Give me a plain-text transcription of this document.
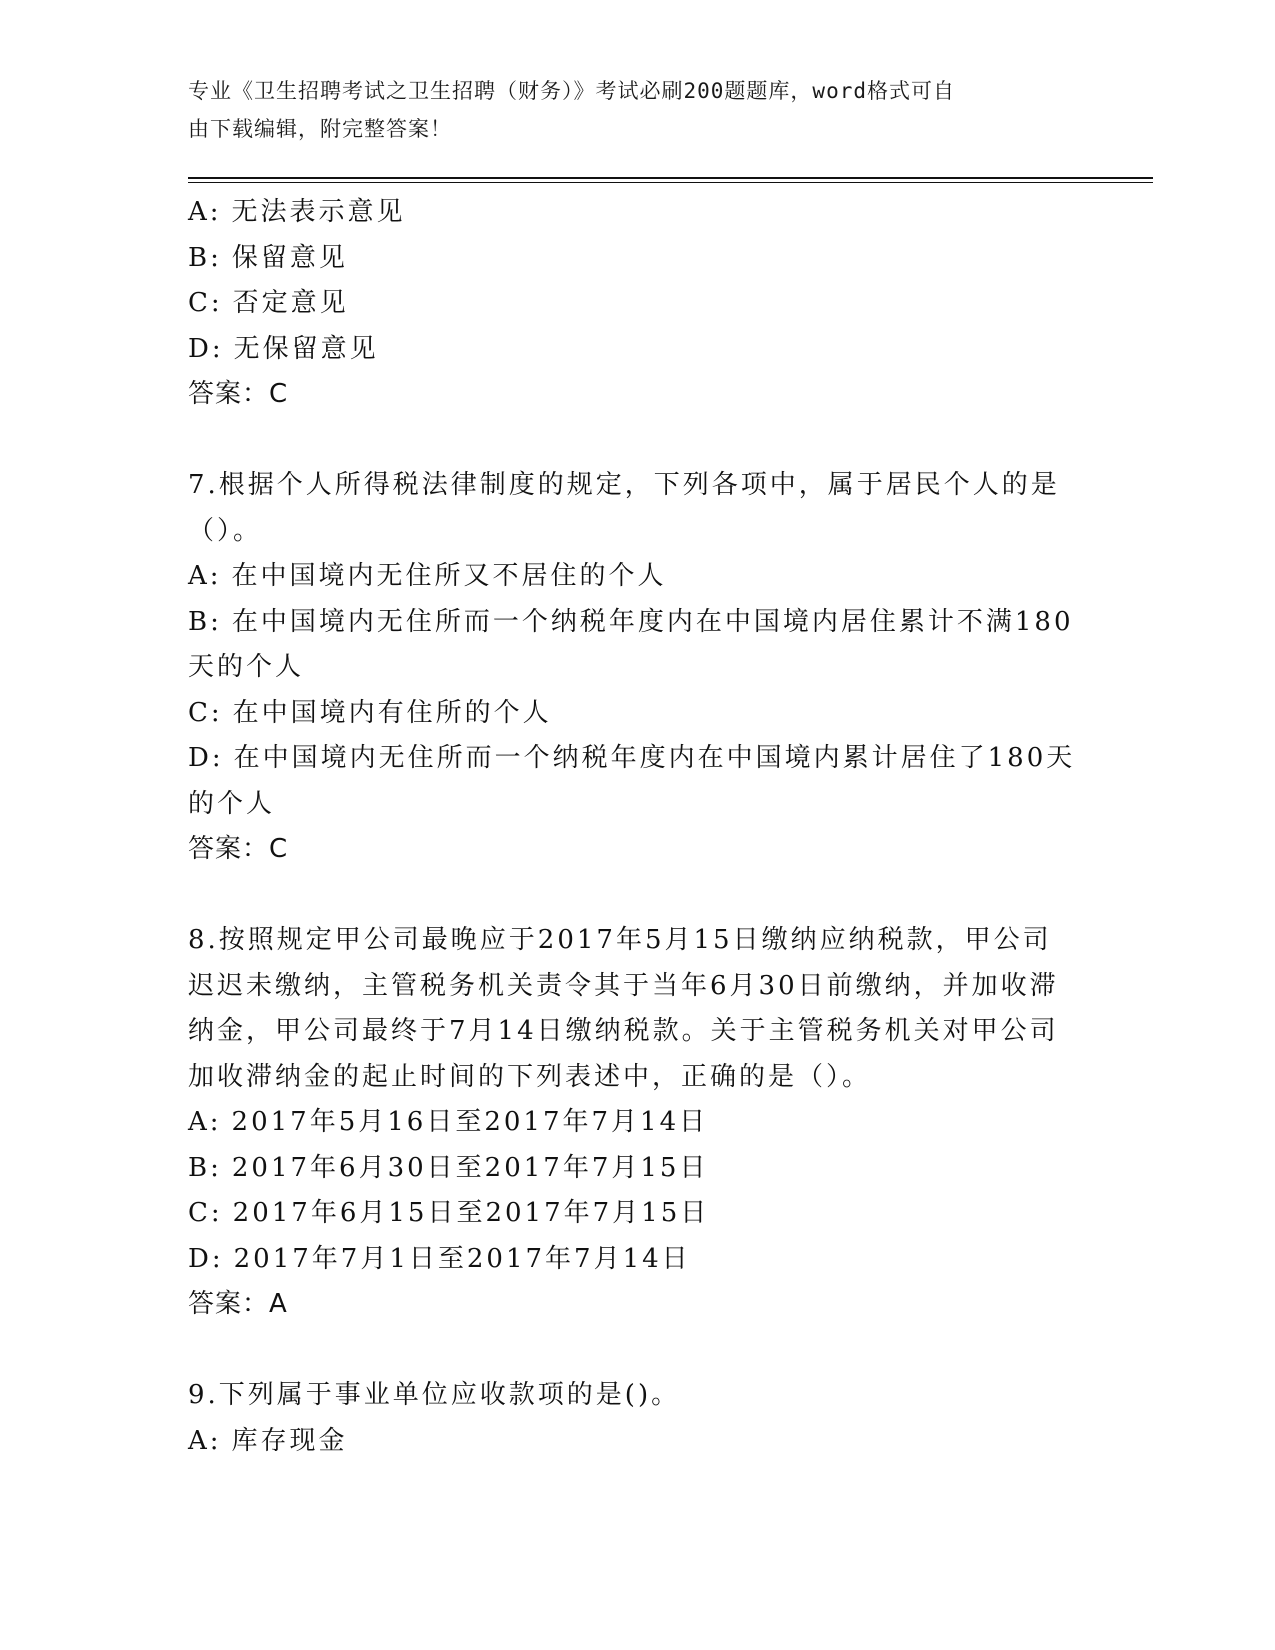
专业《卫生招聘考试之卫生招聘（财务）》考试必刷200题题库，word格式可自
由下载编辑，附完整答案！
A: 无法表示意见
B: 保留意见
C: 否定意见
D: 无保留意见
答案：C
7.根据个人所得税法律制度的规定，下列各项中，属于居民个人的是
（）。
A: 在中国境内无住所又不居住的个人
B: 在中国境内无住所而一个纳税年度内在中国境内居住累计不满180
天的个人
C: 在中国境内有住所的个人
D: 在中国境内无住所而一个纳税年度内在中国境内累计居住了180天
的个人
答案：C
8.按照规定甲公司最晚应于2017年5月15日缴纳应纳税款，甲公司
迟迟未缴纳，主管税务机关责令其于当年6月30日前缴纳，并加收滞
纳金，甲公司最终于7月14日缴纳税款。关于主管税务机关对甲公司
加收滞纳金的起止时间的下列表述中，正确的是（）。
A: 2017年5月16日至2017年7月14日
B: 2017年6月30日至2017年7月15日
C: 2017年6月15日至2017年7月15日
D: 2017年7月1日至2017年7月14日
答案：A
9.下列属于事业单位应收款项的是()。
A: 库存现金
